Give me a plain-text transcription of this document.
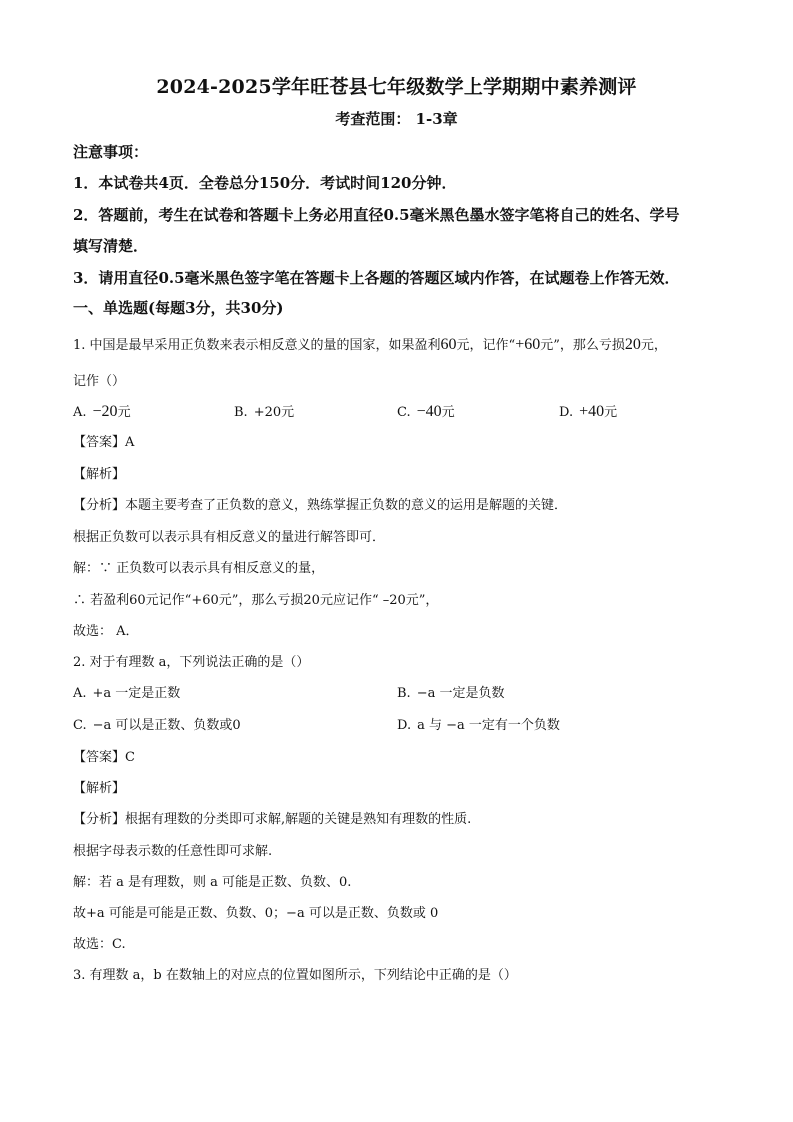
2024-2025学年旺苍县七年级数学上学期期中素养测评
考查范围： 1-3章
注意事项：
1．本试卷共4页．全卷总分150分．考试时间120分钟．
2．答题前，考生在试卷和答题卡上务必用直径0.5毫米黑色墨水签字笔将自己的姓名、学号
填写清楚．
3．请用直径0.5毫米黑色签字笔在答题卡上各题的答题区域内作答，在试题卷上作答无效．
一、单选题(每题3分，共30分)
1. 中国是最早采用正负数来表示相反意义的量的国家，如果盈利60元，记作“+60元”，那么亏损20元，
记作（）
A. −20元	B. +20元	C. −40元	D. +40元
【答案】A
【解析】
【分析】本题主要考查了正负数的意义，熟练掌握正负数的意义的运用是解题的关键．
根据正负数可以表示具有相反意义的量进行解答即可．
解：∵ 正负数可以表示具有相反意义的量，
∴ 若盈利60元记作“+60元”，那么亏损20元应记作“ –20元”，
故选： A．
2. 对于有理数 a，下列说法正确的是（）
A. +a 一定是正数	B. −a 一定是负数
C. −a 可以是正数、负数或0	D. a 与 −a 一定有一个负数
【答案】C
【解析】
【分析】根据有理数的分类即可求解,解题的关键是熟知有理数的性质.
根据字母表示数的任意性即可求解.
解：若 a 是有理数，则 a 可能是正数、负数、0.
故+a 可能是可能是正数、负数、0；−a 可以是正数、负数或 0
故选：C.
3. 有理数 a，b 在数轴上的对应点的位置如图所示，下列结论中正确的是（）
